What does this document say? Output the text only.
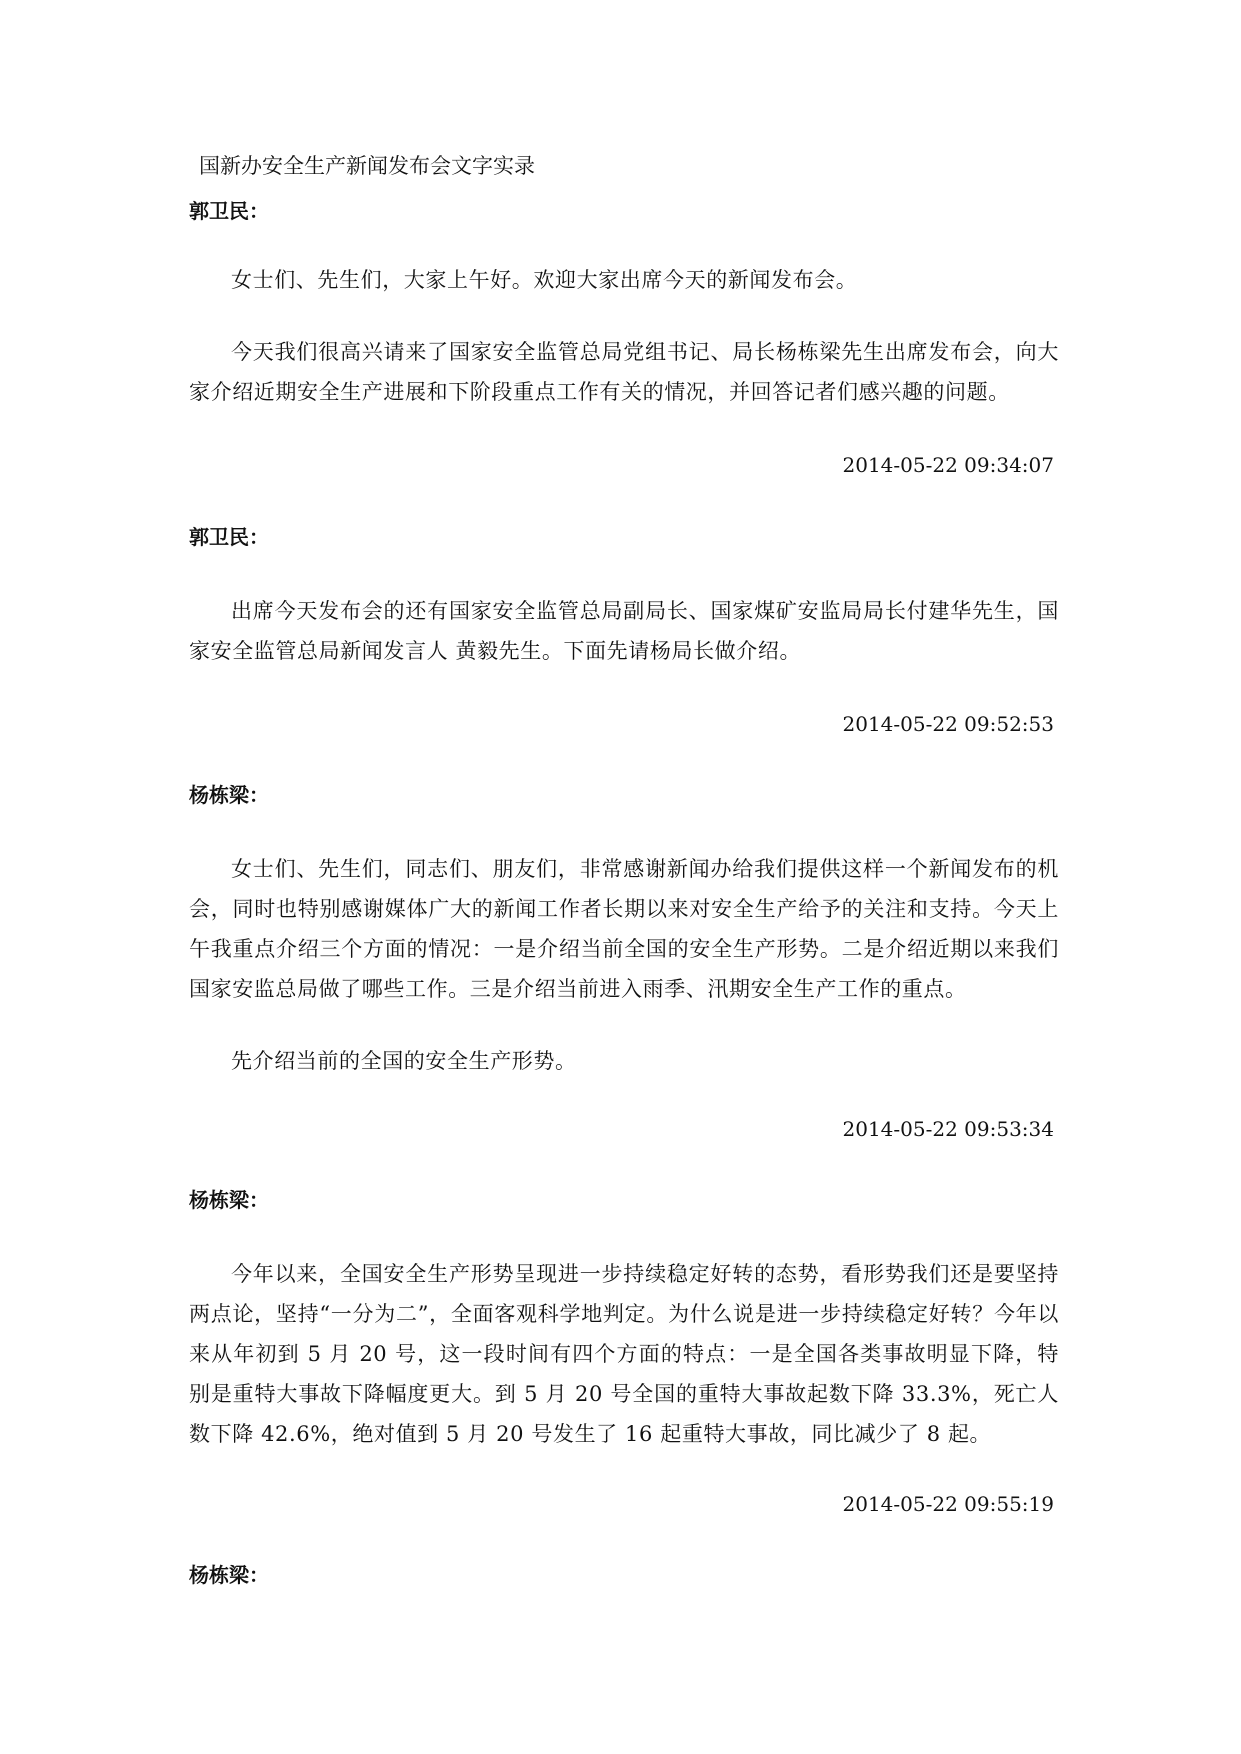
国新办安全生产新闻发布会文字实录
郭卫民：
女士们、先生们，大家上午好。欢迎大家出席今天的新闻发布会。
今天我们很高兴请来了国家安全监管总局党组书记、局长杨栋梁先生出席发布会，向大家介绍近期安全生产进展和下阶段重点工作有关的情况，并回答记者们感兴趣的问题。
2014-05-22 09:34:07
郭卫民：
出席今天发布会的还有国家安全监管总局副局长、国家煤矿安监局局长付建华先生，国家安全监管总局新闻发言人 黄毅先生。下面先请杨局长做介绍。
2014-05-22 09:52:53
杨栋梁：
女士们、先生们，同志们、朋友们，非常感谢新闻办给我们提供这样一个新闻发布的机会，同时也特别感谢媒体广大的新闻工作者长期以来对安全生产给予的关注和支持。今天上午我重点介绍三个方面的情况：一是介绍当前全国的安全生产形势。二是介绍近期以来我们国家安监总局做了哪些工作。三是介绍当前进入雨季、汛期安全生产工作的重点。
先介绍当前的全国的安全生产形势。
2014-05-22 09:53:34
杨栋梁：
今年以来，全国安全生产形势呈现进一步持续稳定好转的态势，看形势我们还是要坚持两点论，坚持“一分为二”，全面客观科学地判定。为什么说是进一步持续稳定好转？今年以来从年初到 5 月 20 号，这一段时间有四个方面的特点：一是全国各类事故明显下降，特别是重特大事故下降幅度更大。到 5 月 20 号全国的重特大事故起数下降 33.3%，死亡人数下降 42.6%，绝对值到 5 月 20 号发生了 16 起重特大事故，同比减少了 8 起。
2014-05-22 09:55:19
杨栋梁：
